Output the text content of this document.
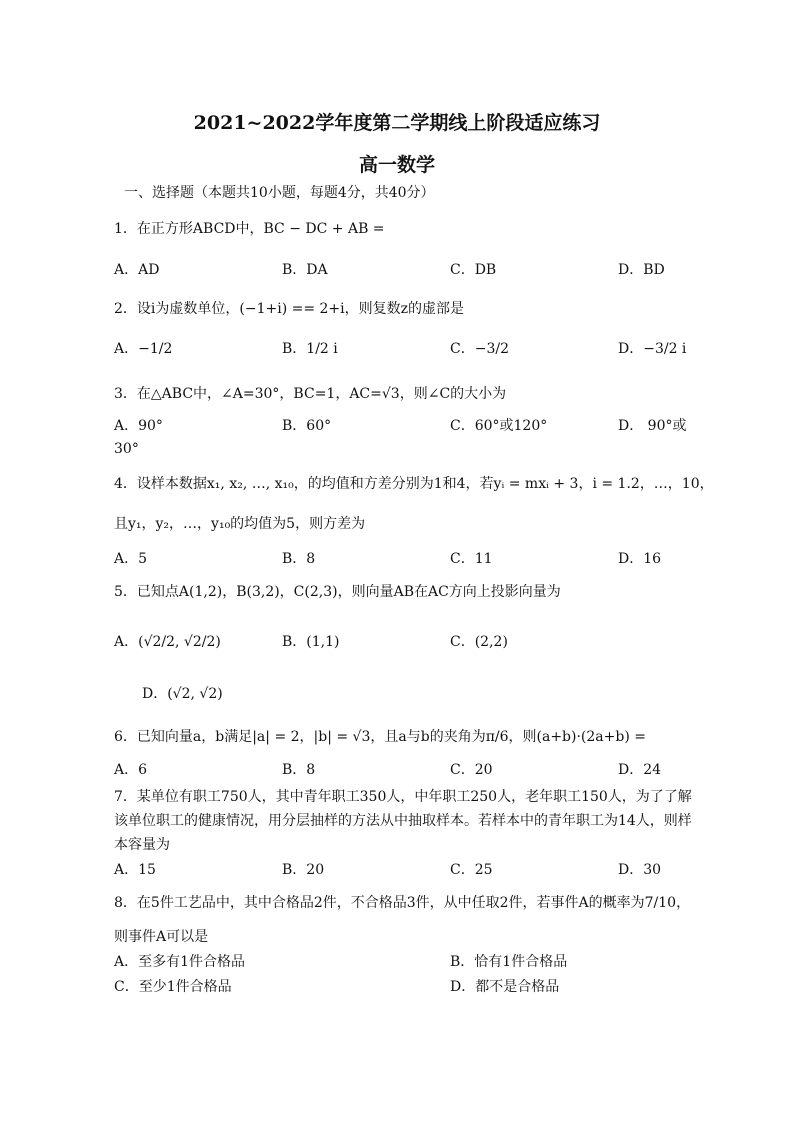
2021~2022学年度第二学期线上阶段适应练习
高一数学
一、选择题（本题共10小题，每题4分，共40分）
1．在正方形ABCD中，BC − DC + AB =
A．AD	B．DA	C．DB	D．BD
2．设i为虚数单位，(−1+i) == 2+i，则复数z的虚部是
A．−1/2	B．1/2 i	C．−3/2	D．−3/2 i
3．在△ABC中，∠A=30°，BC=1，AC=√3，则∠C的大小为
A．90°	B．60°	C．60°或120°	D． 90°或
30°
4．设样本数据x₁, x₂, …, x₁₀，的均值和方差分别为1和4，若yᵢ = mxᵢ + 3，i = 1.2，…，10，
且y₁，y₂，…，y₁₀的均值为5，则方差为
A．5	B．8	C．11	D．16
5．已知点A(1,2)，B(3,2)，C(2,3)，则向量AB在AC方向上投影向量为
A．(√2/2, √2/2)	B．(1,1)	C．(2,2)
D．(√2, √2)
6．已知向量a，b满足|a| = 2，|b| = √3，且a与b的夹角为π/6，则(a+b)·(2a+b) =
A．6	B．8	C．20	D．24
7．某单位有职工750人，其中青年职工350人，中年职工250人，老年职工150人，为了了解
该单位职工的健康情况，用分层抽样的方法从中抽取样本。若样本中的青年职工为14人，则样
本容量为
A．15	B．20	C．25	D．30
8．在5件工艺品中，其中合格品2件，不合格品3件，从中任取2件，若事件A的概率为7/10，
则事件A可以是
A．至多有1件合格品	B．恰有1件合格品
C．至少1件合格品	D．都不是合格品
